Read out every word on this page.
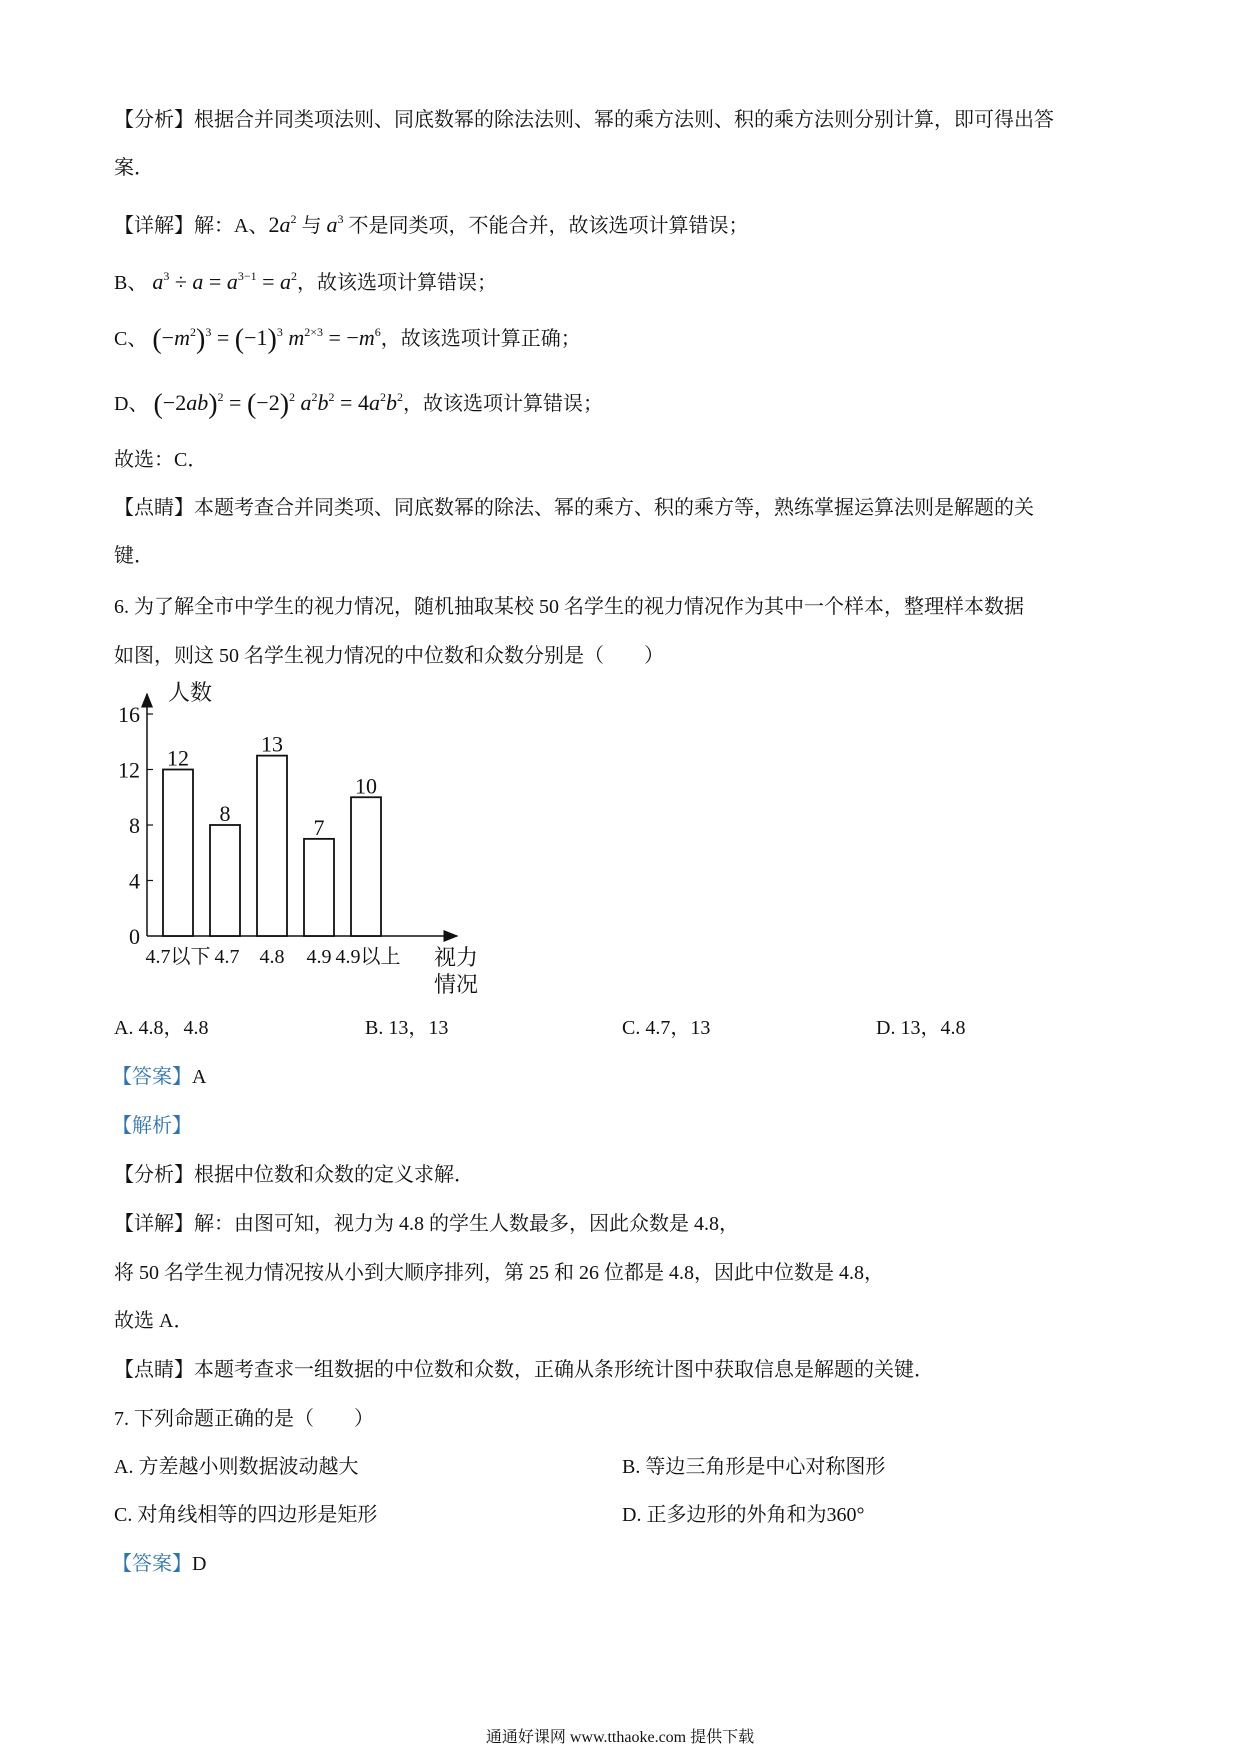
【分析】根据合并同类项法则、同底数幂的除法法则、幂的乘方法则、积的乘方法则分别计算，即可得出答
案．
【详解】解：A、$2a^2$ 与 $a^3$ 不是同类项，不能合并，故该选项计算错误；
B、 $a^3 \div a = a^{3-1} = a^2$，故该选项计算错误；
C、 $(-m^2)^3 = (-1)^3$ $m^{2\times 3} = -m^6$，故该选项计算正确；
D、 $(-2ab)^2 = (-2)^2$ $a^2b^2 = 4a^2b^2$，故该选项计算错误；
故选：C．
【点睛】本题考查合并同类项、同底数幂的除法、幂的乘方、积的乘方等，熟练掌握运算法则是解题的关
键．
6. 为了解全市中学生的视力情况，随机抽取某校 50 名学生的视力情况作为其中一个样本，整理样本数据
如图，则这 50 名学生视力情况的中位数和众数分别是（　　）
人数
0
4
8
12
16
12
8
13
7
10
4.7以下 4.7 4.8 4.9 4.9以上 视力
情况
A. 4.8，4.8	B. 13，13	C. 4.7，13	D. 13，4.8
【答案】A
【解析】
【分析】根据中位数和众数的定义求解．
【详解】解：由图可知，视力为 4.8 的学生人数最多，因此众数是 4.8，
将 50 名学生视力情况按从小到大顺序排列，第 25 和 26 位都是 4.8，因此中位数是 4.8，
故选 A．
【点睛】本题考查求一组数据的中位数和众数，正确从条形统计图中获取信息是解题的关键．
7. 下列命题正确的是（　　）
A. 方差越小则数据波动越大	B. 等边三角形是中心对称图形
C. 对角线相等的四边形是矩形	D. 正多边形的外角和为360°
【答案】D
通通好课网 www.tthaoke.com 提供下载
